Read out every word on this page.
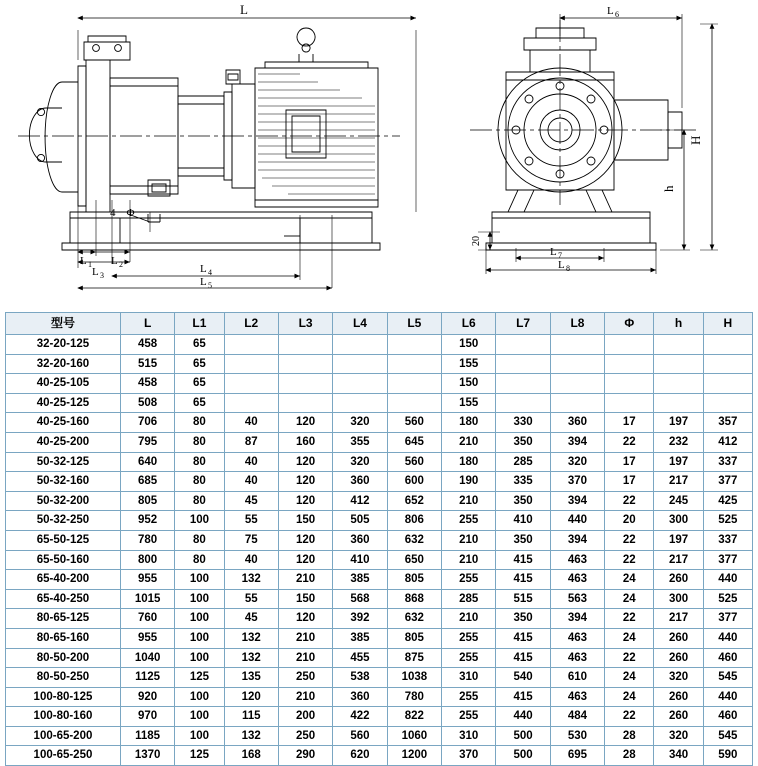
L
L 1 L 2
L 3
L 4
L 5
4－Φ
L 6
L 7
L 8
H
h
20
型号	L	L1	L2	L3	L4	L5	L6	L7	L8	Φ	h	H
32-20-125	458	65					150					
32-20-160	515	65					155					
40-25-105	458	65					150					
40-25-125	508	65					155					
40-25-160	706	80	40	120	320	560	180	330	360	17	197	357
40-25-200	795	80	87	160	355	645	210	350	394	22	232	412
50-32-125	640	80	40	120	320	560	180	285	320	17	197	337
50-32-160	685	80	40	120	360	600	190	335	370	17	217	377
50-32-200	805	80	45	120	412	652	210	350	394	22	245	425
50-32-250	952	100	55	150	505	806	255	410	440	20	300	525
65-50-125	780	80	75	120	360	632	210	350	394	22	197	337
65-50-160	800	80	40	120	410	650	210	415	463	22	217	377
65-40-200	955	100	132	210	385	805	255	415	463	24	260	440
65-40-250	1015	100	55	150	568	868	285	515	563	24	300	525
80-65-125	760	100	45	120	392	632	210	350	394	22	217	377
80-65-160	955	100	132	210	385	805	255	415	463	24	260	440
80-50-200	1040	100	132	210	455	875	255	415	463	22	260	460
80-50-250	1125	125	135	250	538	1038	310	540	610	24	320	545
100-80-125	920	100	120	210	360	780	255	415	463	24	260	440
100-80-160	970	100	115	200	422	822	255	440	484	22	260	460
100-65-200	1185	100	132	250	560	1060	310	500	530	28	320	545
100-65-250	1370	125	168	290	620	1200	370	500	695	28	340	590
